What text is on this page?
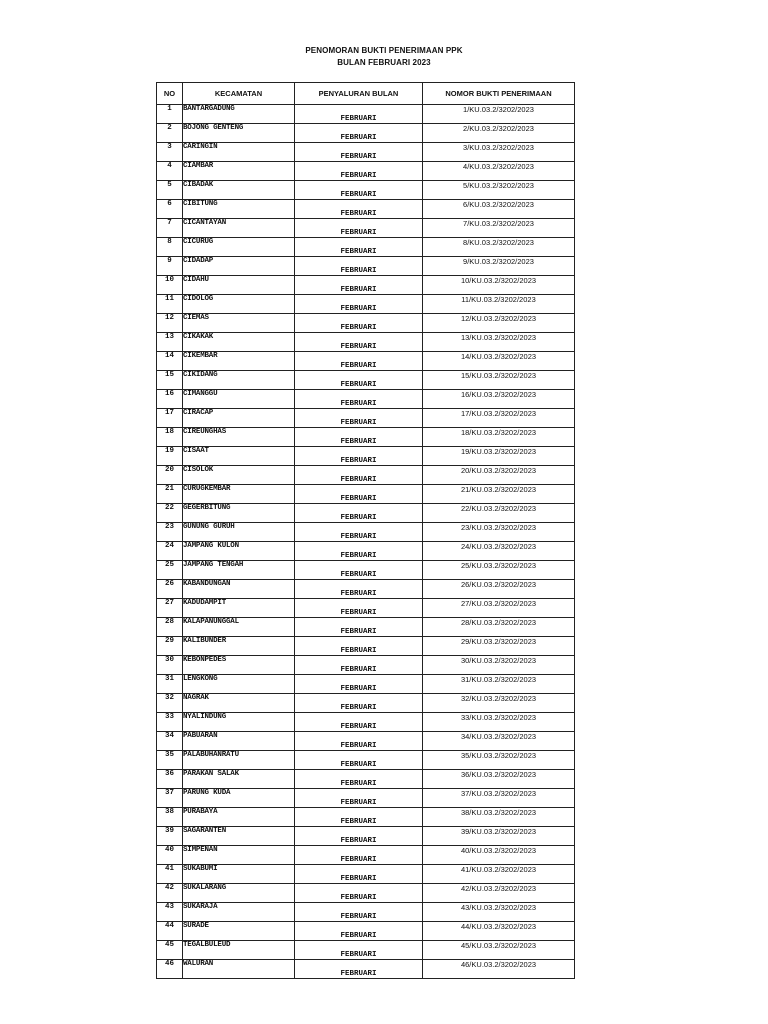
PENOMORAN BUKTI PENERIMAAN PPK
BULAN FEBRUARI 2023
NO	KECAMATAN	PENYALURAN BULAN	NOMOR BUKTI PENERIMAAN
1	BANTARGADUNG	FEBRUARI	1/KU.03.2/3202/2023
2	BOJONG GENTENG	FEBRUARI	2/KU.03.2/3202/2023
3	CARINGIN	FEBRUARI	3/KU.03.2/3202/2023
4	CIAMBAR	FEBRUARI	4/KU.03.2/3202/2023
5	CIBADAK	FEBRUARI	5/KU.03.2/3202/2023
6	CIBITUNG	FEBRUARI	6/KU.03.2/3202/2023
7	CICANTAYAN	FEBRUARI	7/KU.03.2/3202/2023
8	CICURUG	FEBRUARI	8/KU.03.2/3202/2023
9	CIDADAP	FEBRUARI	9/KU.03.2/3202/2023
10	CIDAHU	FEBRUARI	10/KU.03.2/3202/2023
11	CIDOLOG	FEBRUARI	11/KU.03.2/3202/2023
12	CIEMAS	FEBRUARI	12/KU.03.2/3202/2023
13	CIKAKAK	FEBRUARI	13/KU.03.2/3202/2023
14	CIKEMBAR	FEBRUARI	14/KU.03.2/3202/2023
15	CIKIDANG	FEBRUARI	15/KU.03.2/3202/2023
16	CIMANGGU	FEBRUARI	16/KU.03.2/3202/2023
17	CIRACAP	FEBRUARI	17/KU.03.2/3202/2023
18	CIREUNGHAS	FEBRUARI	18/KU.03.2/3202/2023
19	CISAAT	FEBRUARI	19/KU.03.2/3202/2023
20	CISOLOK	FEBRUARI	20/KU.03.2/3202/2023
21	CURUGKEMBAR	FEBRUARI	21/KU.03.2/3202/2023
22	GEGERBITUNG	FEBRUARI	22/KU.03.2/3202/2023
23	GUNUNG GURUH	FEBRUARI	23/KU.03.2/3202/2023
24	JAMPANG KULON	FEBRUARI	24/KU.03.2/3202/2023
25	JAMPANG TENGAH	FEBRUARI	25/KU.03.2/3202/2023
26	KABANDUNGAN	FEBRUARI	26/KU.03.2/3202/2023
27	KADUDAMPIT	FEBRUARI	27/KU.03.2/3202/2023
28	KALAPANUNGGAL	FEBRUARI	28/KU.03.2/3202/2023
29	KALIBUNDER	FEBRUARI	29/KU.03.2/3202/2023
30	KEBONPEDES	FEBRUARI	30/KU.03.2/3202/2023
31	LENGKONG	FEBRUARI	31/KU.03.2/3202/2023
32	NAGRAK	FEBRUARI	32/KU.03.2/3202/2023
33	NYALINDUNG	FEBRUARI	33/KU.03.2/3202/2023
34	PABUARAN	FEBRUARI	34/KU.03.2/3202/2023
35	PALABUHANRATU	FEBRUARI	35/KU.03.2/3202/2023
36	PARAKAN SALAK	FEBRUARI	36/KU.03.2/3202/2023
37	PARUNG KUDA	FEBRUARI	37/KU.03.2/3202/2023
38	PURABAYA	FEBRUARI	38/KU.03.2/3202/2023
39	SAGARANTEN	FEBRUARI	39/KU.03.2/3202/2023
40	SIMPENAN	FEBRUARI	40/KU.03.2/3202/2023
41	SUKABUMI	FEBRUARI	41/KU.03.2/3202/2023
42	SUKALARANG	FEBRUARI	42/KU.03.2/3202/2023
43	SUKARAJA	FEBRUARI	43/KU.03.2/3202/2023
44	SURADE	FEBRUARI	44/KU.03.2/3202/2023
45	TEGALBULEUD	FEBRUARI	45/KU.03.2/3202/2023
46	WALURAN	FEBRUARI	46/KU.03.2/3202/2023
